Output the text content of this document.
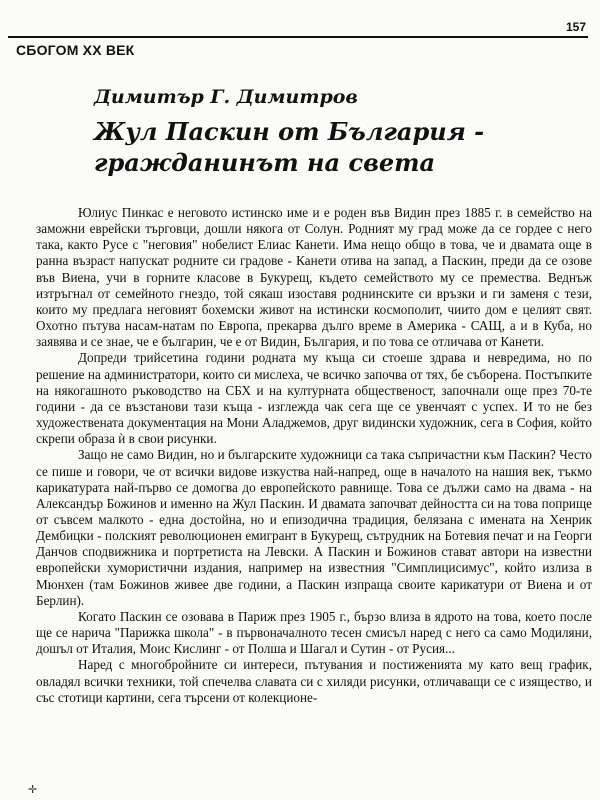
157
СБОГОМ XX ВЕК
Димитър Г. Димитров
Жул Паскин от България -
гражданинът на света

Юлиус Пинкас е неговото истинско име и е роден във Видин през 1885 г. в семейство на заможни еврейски търговци, дошли някога от Солун. Родният му град може да се гордее с него така, както Русе с "неговия" нобелист Елиас Канети. Има нещо общо в това, че и двамата още в ранна възраст напускат родните си градове - Канети отива на запад, а Паскин, преди да се озове във Виена, учи в горните класове в Букурещ, където семейството му се премества. Веднъж изтръгнал от семейното гнездо, той сякаш изоставя роднинските си връзки и ги заменя с тези, които му предлага неговият бохемски живот на истински космополит, чиито дом е целият свят. Охотно пътува насам-натам по Европа, прекарва дълго време в Америка - САЩ, а и в Куба, но заявява и се знае, че е българин, че е от Видин, България, и по това се отличава от Канети.

Допреди трийсетина години родната му къща си стоеше здрава и невредима, но по решение на администратори, които си мислеха, че всичко започва от тях, бе съборена. Постъпките на някогашното ръководство на СБХ и на културната общественост, започнали още през 70-те години - да се възстанови тази къща - изглежда чак сега ще се увенчаят с успех. И то не без художествената документация на Мони Аладжемов, друг видински художник, сега в София, който скрепи образа ѝ в свои рисунки.

Защо не само Видин, но и българските художници са така съпричастни към Паскин? Често се пише и говори, че от всички видове изкуства най-напред, още в началото на нашия век, тъкмо карикатурата най-първо се домогва до европейското равнище. Това се дължи само на двама - на Александър Божинов и именно на Жул Паскин. И двамата започват дейността си на това поприще от съвсем малкото - една достойна, но и епизодична традиция, белязана с имената на Хенрик Дембицки - полският революционен емигрант в Букурещ, сътрудник на Ботевия печат и на Георги Данчов сподвижника и портретиста на Левски. А Паскин и Божинов стават автори на известни европейски хумористични издания, например на известния "Симплицисимус", който излиза в Мюнхен (там Божинов живее две години, а Паскин изпраща своите карикатури от Виена и от Берлин).

Когато Паскин се озовава в Париж през 1905 г., бързо влиза в ядрото на това, което после ще се нарича "Парижка школа" - в първоначалното тесен смисъл наред с него са само Модиляни, дошъл от Италия, Моис Кислинг - от Полша и Шагал и Сутин - от Русия...

Наред с многобройните си интереси, пътувания и постиженията му като вещ график, овладял всички техники, той спечелва славата си с хиляди рисунки, отличаващи се с изящество, и със стотици картини, сега търсени от колекционе-

✛
